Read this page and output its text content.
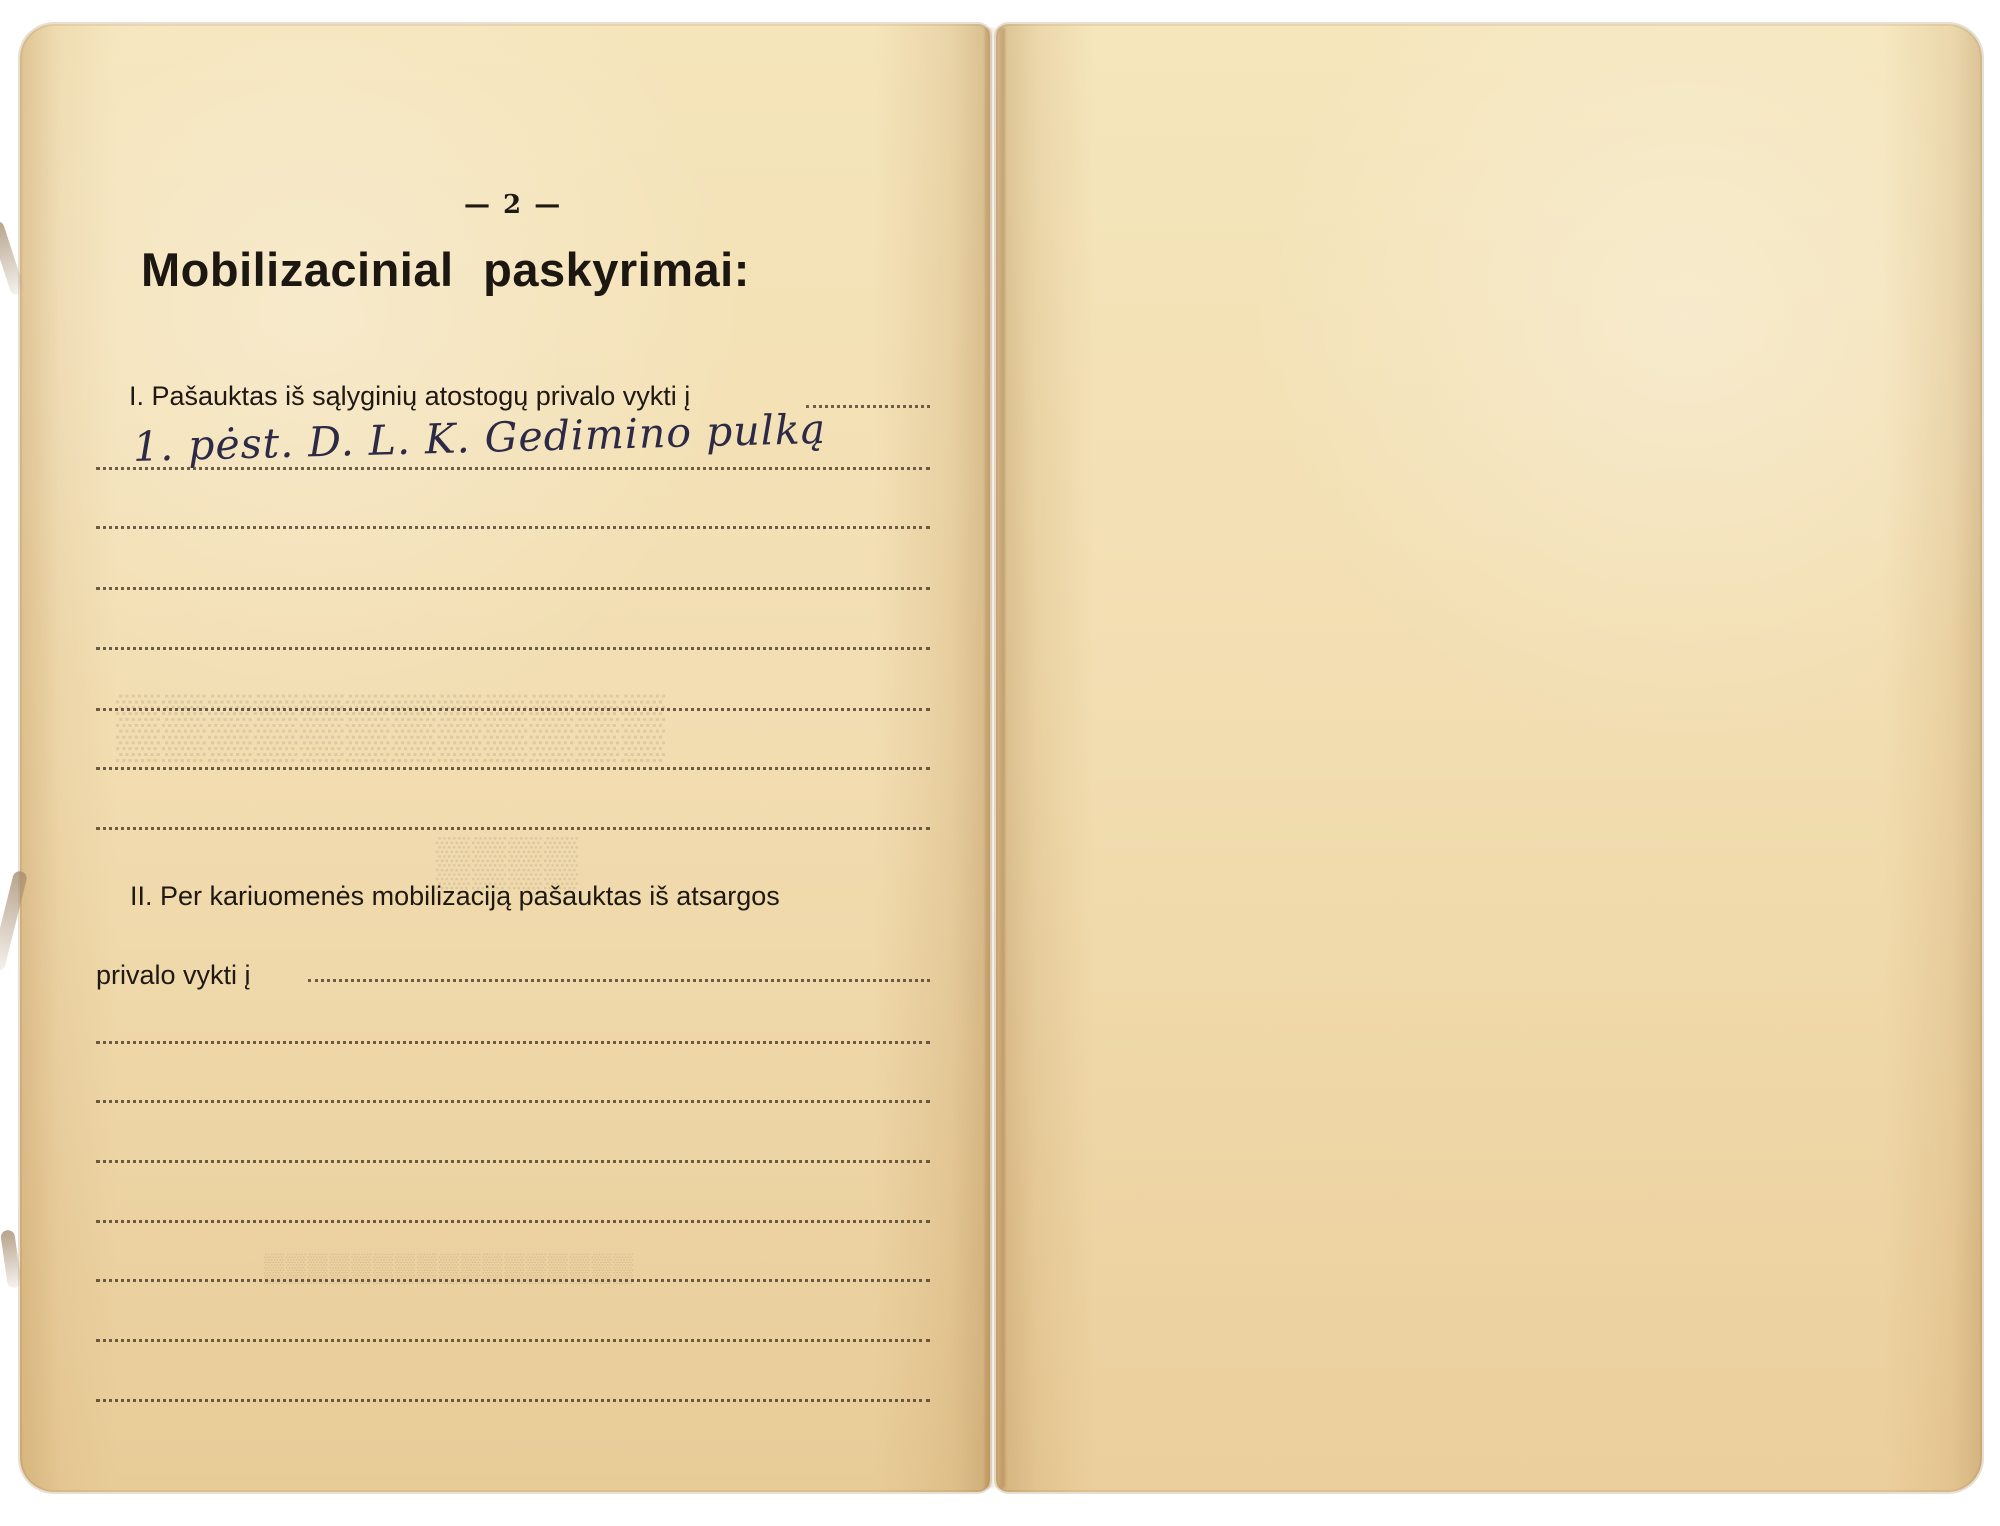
▒▒▒▒▒▒▒▒▒▒▒▒
▒▒▒▒
▒▒▒▒▒▒▒▒▒▒▒▒▒▒▒▒▒
— 2 —
Mobilizacinial paskyrimai:
I. Pašauktas iš sąlyginių atostogų privalo vykti į
1. pėst. D. L. K. Gedimino pulką
II. Per kariuomenės mobilizaciją pašauktas iš atsargos
privalo vykti į
